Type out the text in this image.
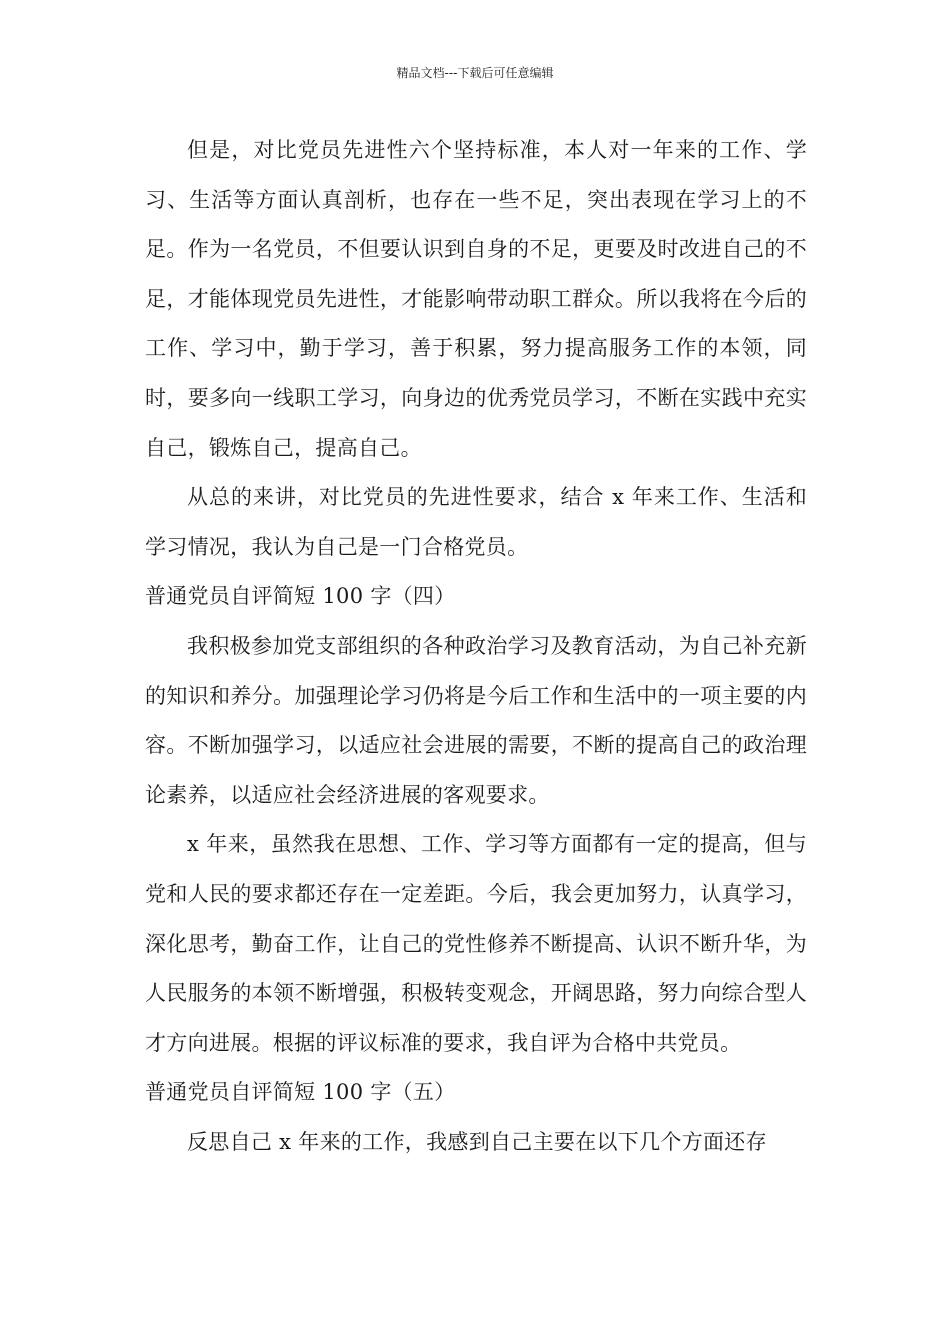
精品文档---下载后可任意编辑

但是，对比党员先进性六个坚持标准，本人对一年来的工作、学习、生活等方面认真剖析，也存在一些不足，突出表现在学习上的不足。作为一名党员，不但要认识到自身的不足，更要及时改进自己的不足，才能体现党员先进性，才能影响带动职工群众。所以我将在今后的工作、学习中，勤于学习，善于积累，努力提高服务工作的本领，同时，要多向一线职工学习，向身边的优秀党员学习，不断在实践中充实自己，锻炼自己，提高自己。

从总的来讲，对比党员的先进性要求，结合 x 年来工作、生活和学习情况，我认为自己是一门合格党员。

普通党员自评简短 100 字（四）

我积极参加党支部组织的各种政治学习及教育活动，为自己补充新的知识和养分。加强理论学习仍将是今后工作和生活中的一项主要的内容。不断加强学习，以适应社会进展的需要，不断的提高自己的政治理论素养，以适应社会经济进展的客观要求。

x 年来，虽然我在思想、工作、学习等方面都有一定的提高，但与党和人民的要求都还存在一定差距。今后，我会更加努力，认真学习，深化思考，勤奋工作，让自己的党性修养不断提高、认识不断升华，为人民服务的本领不断增强，积极转变观念，开阔思路，努力向综合型人才方向进展。根据的评议标准的要求，我自评为合格中共党员。

普通党员自评简短 100 字（五）

反思自己 x 年来的工作，我感到自己主要在以下几个方面还存
